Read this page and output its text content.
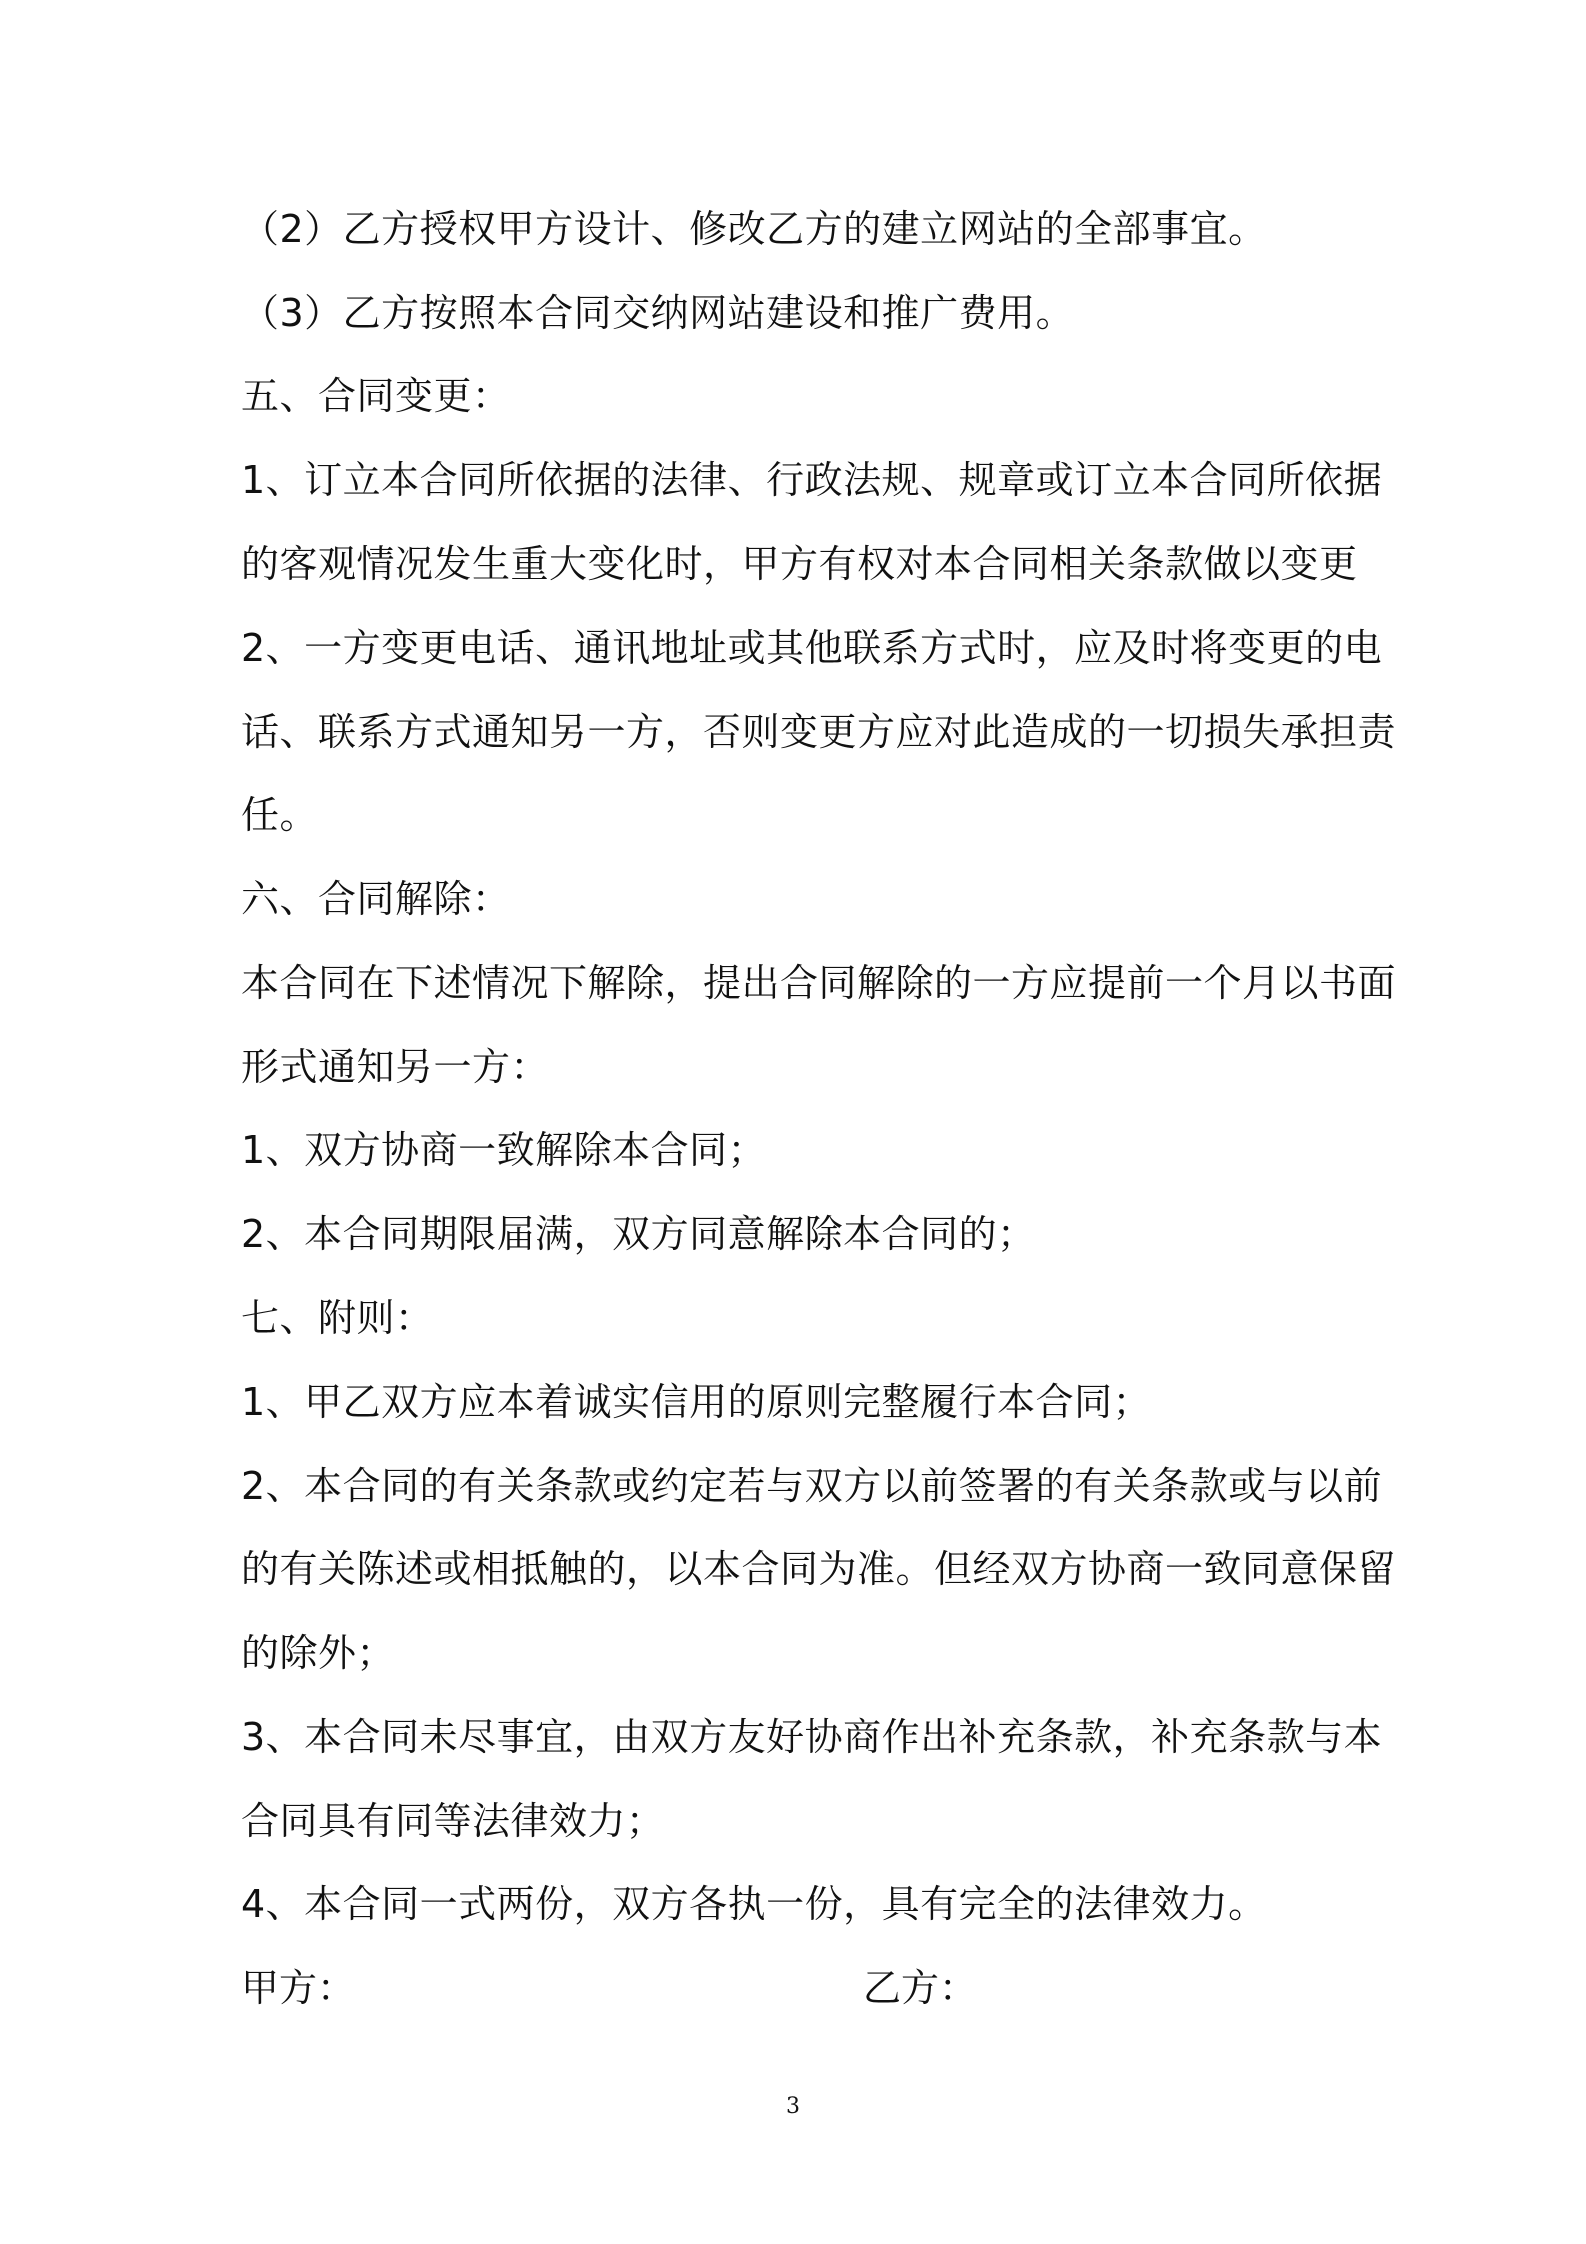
（2）乙方授权甲方设计、修改乙方的建立网站的全部事宜。
（3）乙方按照本合同交纳网站建设和推广费用。
五、合同变更：
1、订立本合同所依据的法律、行政法规、规章或订立本合同所依据
的客观情况发生重大变化时，甲方有权对本合同相关条款做以变更
2、一方变更电话、通讯地址或其他联系方式时，应及时将变更的电
话、联系方式通知另一方，否则变更方应对此造成的一切损失承担责
任。
六、合同解除：
本合同在下述情况下解除，提出合同解除的一方应提前一个月以书面
形式通知另一方：
1、双方协商一致解除本合同；
2、本合同期限届满，双方同意解除本合同的；
七、附则：
1、甲乙双方应本着诚实信用的原则完整履行本合同；
2、本合同的有关条款或约定若与双方以前签署的有关条款或与以前
的有关陈述或相抵触的，以本合同为准。但经双方协商一致同意保留
的除外；
3、本合同未尽事宜，由双方友好协商作出补充条款，补充条款与本
合同具有同等法律效力；
4、本合同一式两份，双方各执一份，具有完全的法律效力。
甲方：	乙方：
3
